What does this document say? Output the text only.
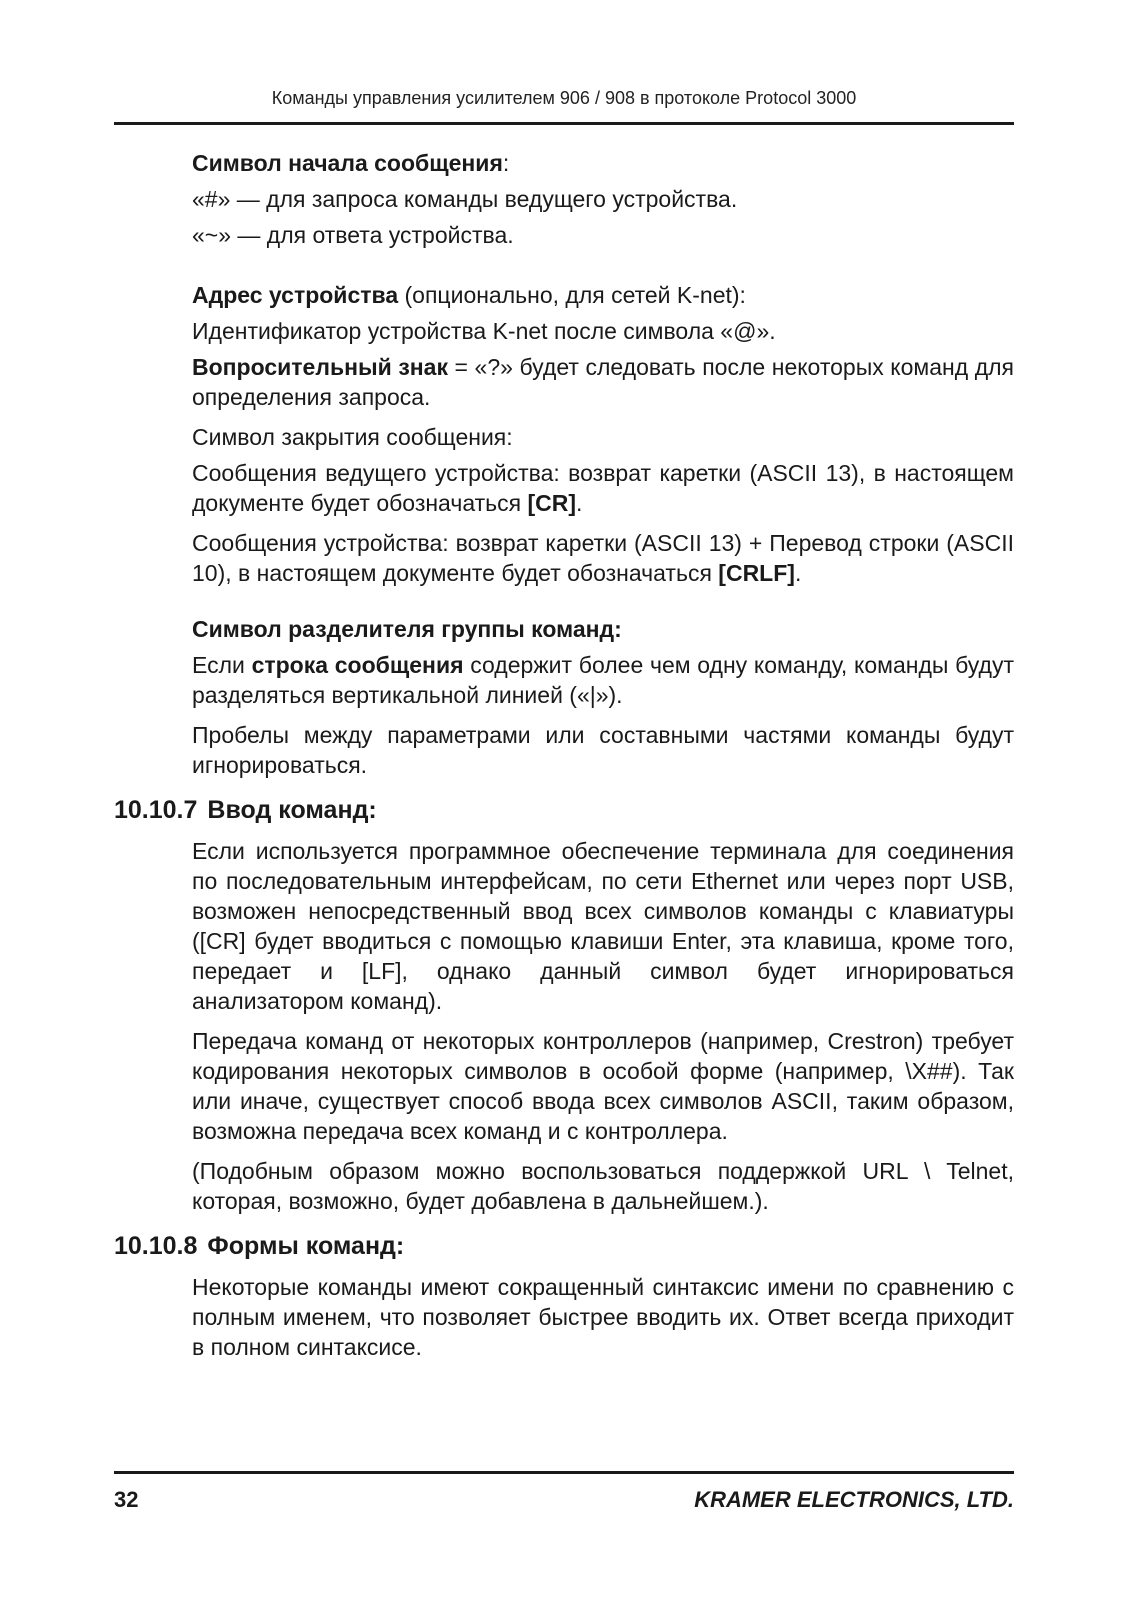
Команды управления усилителем 906 / 908 в протоколе Protocol 3000
Символ начала сообщения:

«#» — для запроса команды ведущего устройства.

«~» — для ответа устройства.

Адрес устройства (опционально, для сетей K-net):

Идентификатор устройства K-net после символа «@».

Вопросительный знак = «?» будет следовать после некоторых команд для определения запроса.

Символ закрытия сообщения:

Сообщения ведущего устройства: возврат каретки (ASCII 13), в настоящем документе будет обозначаться [CR].

Сообщения устройства: возврат каретки (ASCII 13) + Перевод строки (ASCII 10), в настоящем документе будет обозначаться [CRLF].

Символ разделителя группы команд:

Если строка сообщения содержит более чем одну команду, команды будут разделяться вертикальной линией («|»).

Пробелы между параметрами или составными частями команды будут игнорироваться.

10.10.7 Ввод команд:

Если используется программное обеспечение терминала для соединения по последовательным интерфейсам, по сети Ethernet или через порт USB, возможен непосредственный ввод всех символов команды с клавиатуры ([CR] будет вводиться с помощью клавиши Enter, эта клавиша, кроме того, передает и [LF], однако данный символ будет игнорироваться анализатором команд).

Передача команд от некоторых контроллеров (например, Crestron) требует кодирования некоторых символов в особой форме (например, \X##). Так или иначе, существует способ ввода всех символов ASCII, таким образом, возможна передача всех команд и с контроллера.

(Подобным образом можно воспользоваться поддержкой URL \ Telnet, которая, возможно, будет добавлена в дальнейшем.).

10.10.8 Формы команд:

Некоторые команды имеют сокращенный синтаксис имени по сравнению с полным именем, что позволяет быстрее вводить их. Ответ всегда приходит в полном синтаксисе.

32	KRAMER ELECTRONICS, LTD.
